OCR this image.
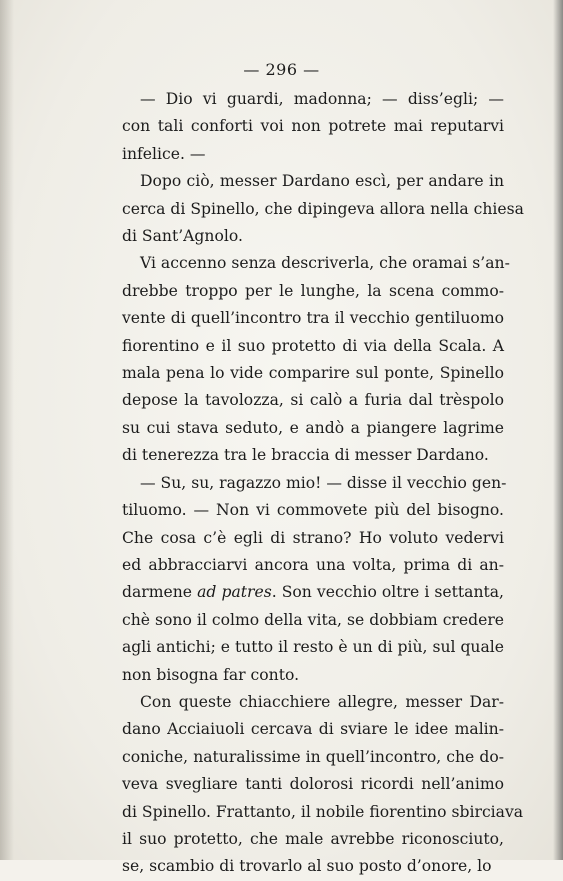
— 296 —

— Dio vi guardi, madonna; — diss’egli; —
con tali conforti voi non potrete mai reputarvi
infelice. —

Dopo ciò, messer Dardano escì, per andare in
cerca di Spinello, che dipingeva allora nella chiesa
di Sant’Agnolo.

Vi accenno senza descriverla, che oramai s’an-
drebbe troppo per le lunghe, la scena commo-
vente di quell’incontro tra il vecchio gentiluomo
fiorentino e il suo protetto di via della Scala. A
mala pena lo vide comparire sul ponte, Spinello
depose la tavolozza, si calò a furia dal trèspolo
su cui stava seduto, e andò a piangere lagrime
di tenerezza tra le braccia di messer Dardano.

— Su, su, ragazzo mio! — disse il vecchio gen-
tiluomo. — Non vi commovete più del bisogno.
Che cosa c’è egli di strano? Ho voluto vedervi
ed abbracciarvi ancora una volta, prima di an-
darmene ad patres. Son vecchio oltre i settanta,
chè sono il colmo della vita, se dobbiam credere
agli antichi; e tutto il resto è un di più, sul quale
non bisogna far conto.

Con queste chiacchiere allegre, messer Dar-
dano Acciaiuoli cercava di sviare le idee malin-
coniche, naturalissime in quell’incontro, che do-
veva svegliare tanti dolorosi ricordi nell’animo
di Spinello. Frattanto, il nobile fiorentino sbirciava
il suo protetto, che male avrebbe riconosciuto,
se, scambio di trovarlo al suo posto d’onore, lo
